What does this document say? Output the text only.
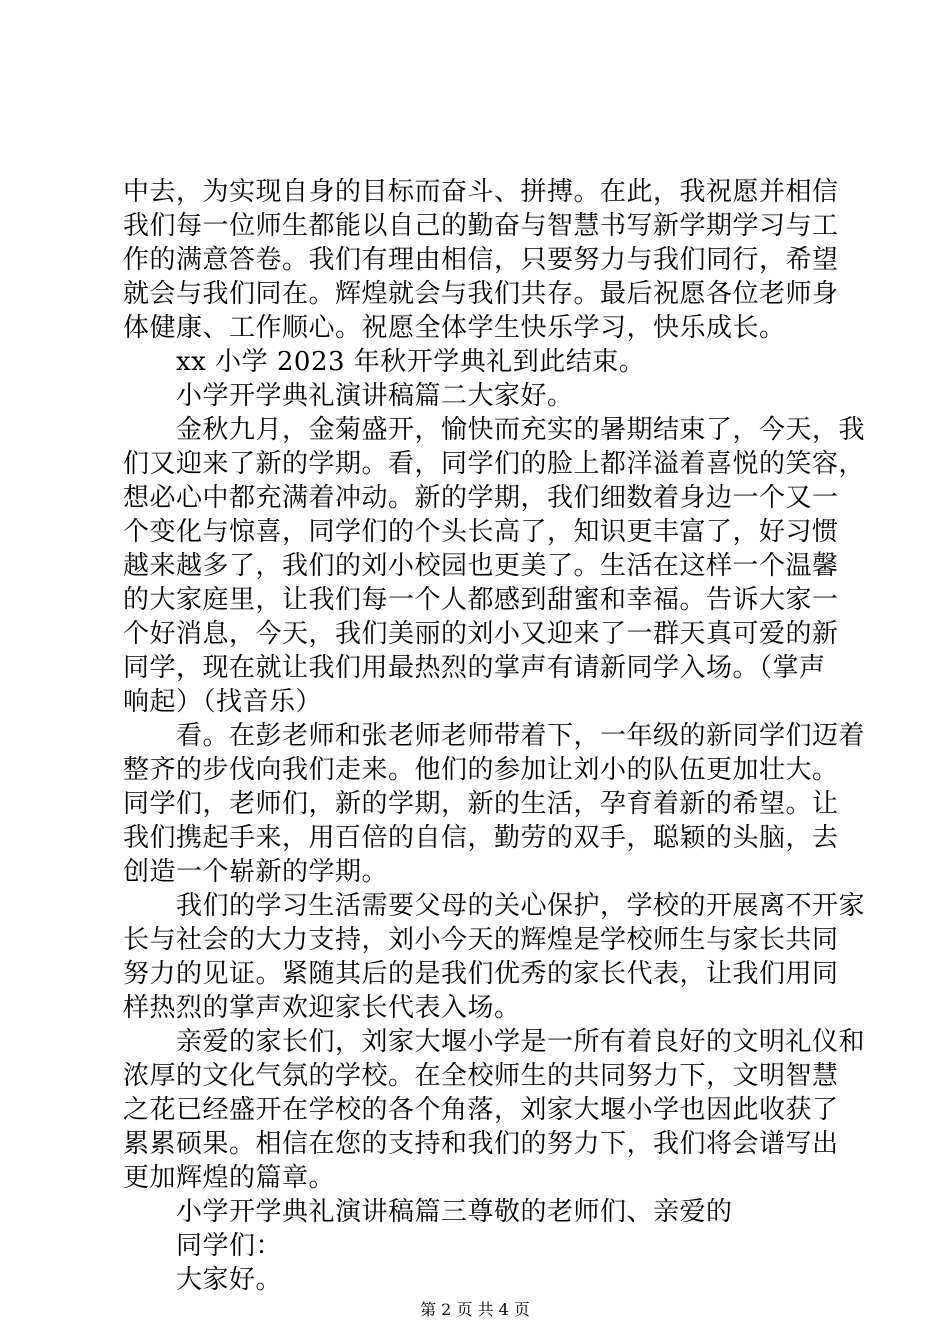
中去，为实现自身的目标而奋斗、拼搏。在此，我祝愿并相信
我们每一位师生都能以自己的勤奋与智慧书写新学期学习与工
作的满意答卷。我们有理由相信，只要努力与我们同行，希望
就会与我们同在。辉煌就会与我们共存。最后祝愿各位老师身
体健康、工作顺心。祝愿全体学生快乐学习，快乐成长。
xx 小学 2023 年秋开学典礼到此结束。
小学开学典礼演讲稿篇二大家好。
金秋九月，金菊盛开，愉快而充实的暑期结束了，今天，我
们又迎来了新的学期。看，同学们的脸上都洋溢着喜悦的笑容，
想必心中都充满着冲动。新的学期，我们细数着身边一个又一
个变化与惊喜，同学们的个头长高了，知识更丰富了，好习惯
越来越多了，我们的刘小校园也更美了。生活在这样一个温馨
的大家庭里，让我们每一个人都感到甜蜜和幸福。告诉大家一
个好消息，今天，我们美丽的刘小又迎来了一群天真可爱的新
同学，现在就让我们用最热烈的掌声有请新同学入场。（掌声
响起）（找音乐）
看。在彭老师和张老师老师带着下，一年级的新同学们迈着
整齐的步伐向我们走来。他们的参加让刘小的队伍更加壮大。
同学们，老师们，新的学期，新的生活，孕育着新的希望。让
我们携起手来，用百倍的自信，勤劳的双手，聪颖的头脑，去
创造一个崭新的学期。
我们的学习生活需要父母的关心保护，学校的开展离不开家
长与社会的大力支持，刘小今天的辉煌是学校师生与家长共同
努力的见证。紧随其后的是我们优秀的家长代表，让我们用同
样热烈的掌声欢迎家长代表入场。
亲爱的家长们，刘家大堰小学是一所有着良好的文明礼仪和
浓厚的文化气氛的学校。在全校师生的共同努力下，文明智慧
之花已经盛开在学校的各个角落，刘家大堰小学也因此收获了
累累硕果。相信在您的支持和我们的努力下，我们将会谱写出
更加辉煌的篇章。
小学开学典礼演讲稿篇三尊敬的老师们、亲爱的
同学们：
大家好。
第 2 页 共 4 页
